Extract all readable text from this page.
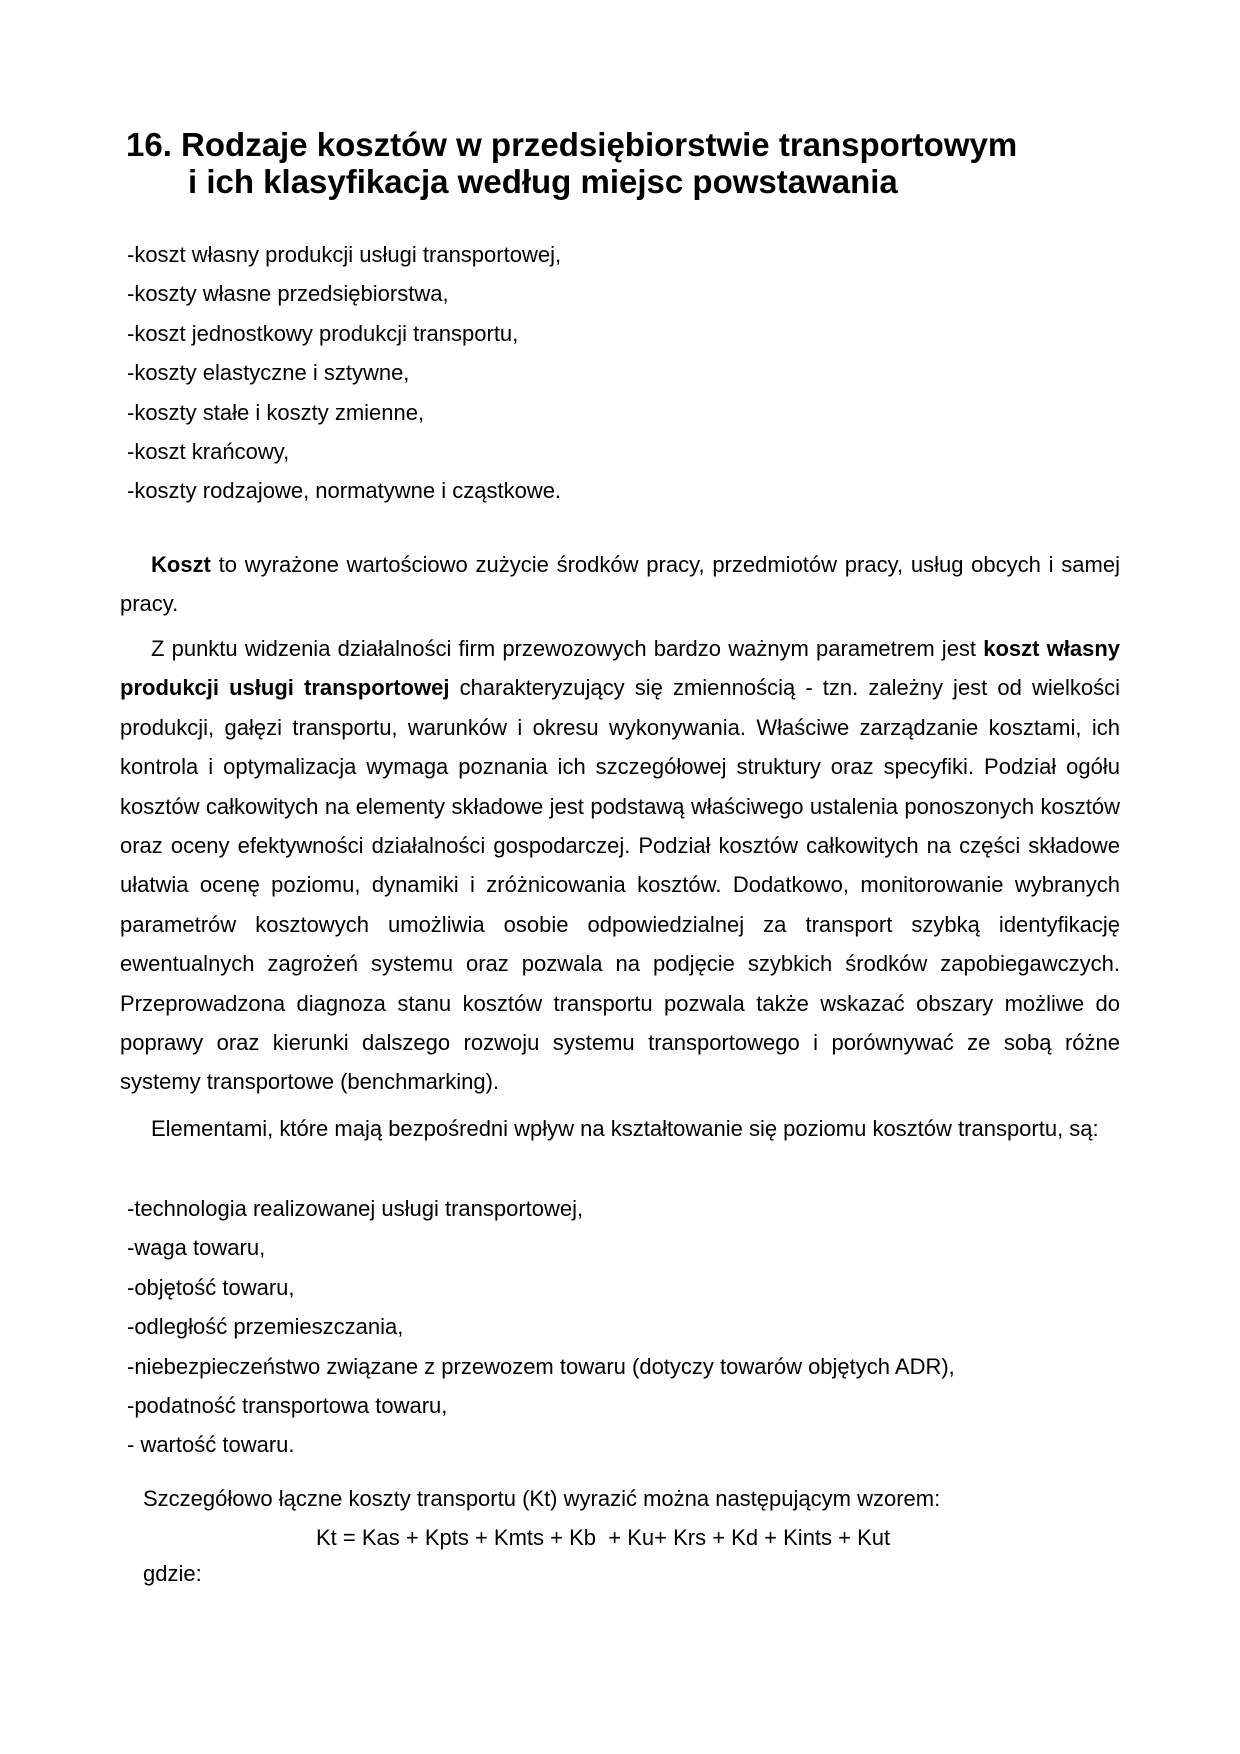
16. Rodzaje kosztów w przedsiębiorstwie transportowym
i ich klasyfikacja według miejsc powstawania
-koszt własny produkcji usługi transportowej,
-koszty własne przedsiębiorstwa,
-koszt jednostkowy produkcji transportu,
-koszty elastyczne i sztywne,
-koszty stałe i koszty zmienne,
-koszt krańcowy,
-koszty rodzajowe, normatywne i cząstkowe.
Koszt to wyrażone wartościowo zużycie środków pracy, przedmiotów pracy, usług obcych i samej pracy.
Z punktu widzenia działalności firm przewozowych bardzo ważnym parametrem jest koszt własny produkcji usługi transportowej charakteryzujący się zmiennością - tzn. zależny jest od wielkości produkcji, gałęzi transportu, warunków i okresu wykonywania. Właściwe zarządzanie kosztami, ich kontrola i optymalizacja wymaga poznania ich szczegółowej struktury oraz specyfiki. Podział ogółu kosztów całkowitych na elementy składowe jest podstawą właściwego ustalenia ponoszonych kosztów oraz oceny efektywności działalności gospodarczej. Podział kosztów całkowitych na części składowe ułatwia ocenę poziomu, dynamiki i zróżnicowania kosztów. Dodatkowo, monitorowanie wybranych parametrów kosztowych umożliwia osobie odpowiedzialnej za transport szybką identyfikację ewentualnych zagrożeń systemu oraz pozwala na podjęcie szybkich środków zapobiegawczych. Przeprowadzona diagnoza stanu kosztów transportu pozwala także wskazać obszary możliwe do poprawy oraz kierunki dalszego rozwoju systemu transportowego i porównywać ze sobą różne systemy transportowe (benchmarking).
Elementami, które mają bezpośredni wpływ na kształtowanie się poziomu kosztów transportu, są:
-technologia realizowanej usługi transportowej,
-waga towaru,
-objętość towaru,
-odległość przemieszczania,
-niebezpieczeństwo związane z przewozem towaru (dotyczy towarów objętych ADR),
-podatność transportowa towaru,
- wartość towaru.
Szczegółowo łączne koszty transportu (Kt) wyrazić można następującym wzorem:
Kt = Kas + Kpts + Kmts + Kb  + Ku+ Krs + Kd + Kints + Kut
gdzie:
